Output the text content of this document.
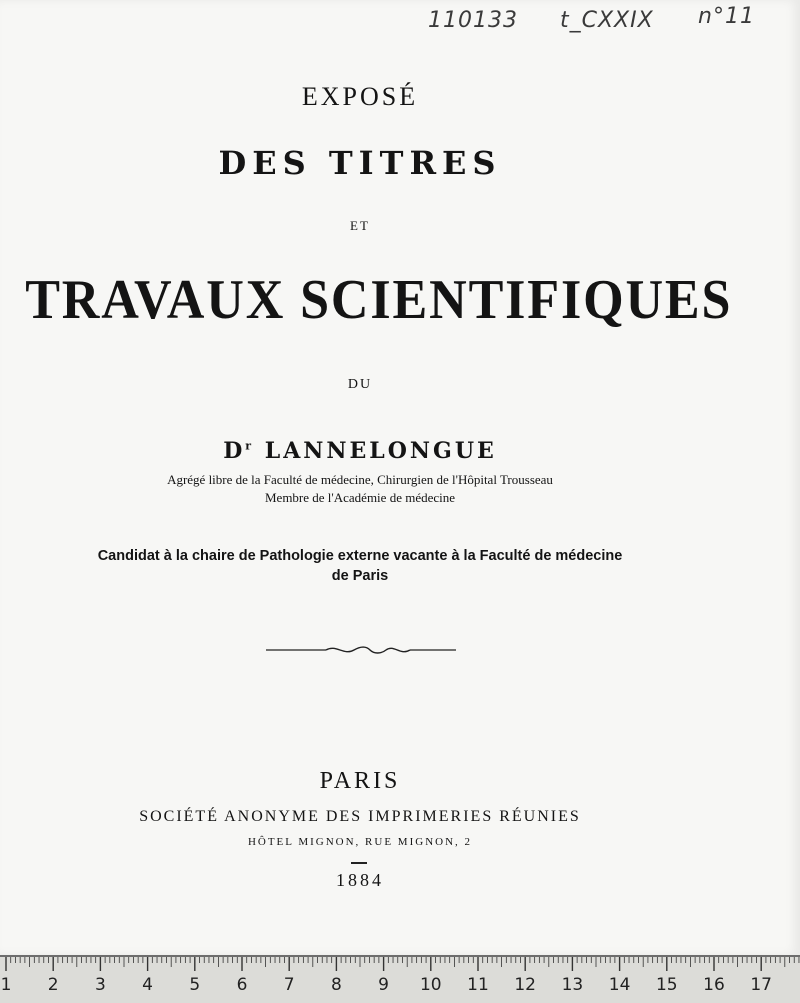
110133 t_CXXIX n°11
EXPOSÉ
DES TITRES
ET
TRAVAUX SCIENTIFIQUES
DU
$D^r$ LANNELONGUE
Agrégé libre de la Faculté de médecine, Chirurgien de l'Hôpital Trousseau
Membre de l'Académie de médecine
Candidat à la chaire de Pathologie externe vacante à la Faculté de médecine
de Paris
PARIS
SOCIÉTÉ ANONYME DES IMPRIMERIES RÉUNIES
HÔTEL MIGNON, RUE MIGNON, 2
1884
1	2	3	4	5	6	7	8	9	10 11 12 13 14 15 16 17
